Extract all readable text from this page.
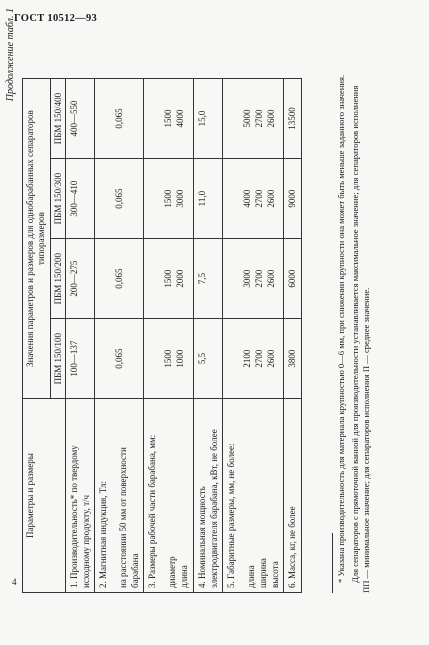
ГОСТ 10512—93
4
Продолжение табл. 1
Параметры и размеры	Значения параметров и размеров для однобарабанных сепараторов типоразмеров			
	ПБМ 150/100	ПБМ 150/200	ПБМ 150/300	ПБМ 150/400

1. Производительность* по твердому исходному продукту, т/ч	100—137	200—275	300—410	400—550

2. Магнитная индукция, Тл: на расстоянии 50 мм от поверхности барабана	0,065	0,065	0,065	0,065

3. Размеры рабочей части барабана, мм: диаметр длина	1500 1000	1500 2000	1500 3000	1500 4000

4. Номинальная мощность электродвигателя барабана, кВт, не более	5,5	7,5	11,0	15,0

5. Габаритные размеры, мм, не более: длина ширина высота	2100 2700 2600	3000 2700 2600	4000 2700 2600	5000 2700 2600

6. Масса, кг, не более	3800	6000	9000	13500	* Указана производительность для материала крупностью 0—6 мм, при снижении крупности она может быть меньше заданного значения. Для сепараторов с прямоточной ванной для производительности устанавливается максимальное значение; для сепараторов исполнения ПП — минимальное значение; для сепараторов исполнения П — среднее значение.
